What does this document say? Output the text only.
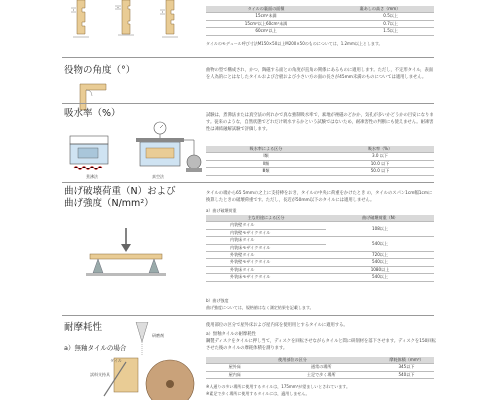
タイルの裏面の面積	裏あしの高さ（mm）
15cm²未満	0.5以上
15cm²以上60cm²未満	0.7以上
60cm²以上	1.5以上
タイルのモデュール呼び寸法M150×50以上M200×50のものについては，1.2mm以上とします。
役物の角度（°）	曲物の型で構成され，かつ，陶磁する面との角度が直角の関係にあるものに適用します。ただし，不定形タイル，表面を人為的にとはなしたタイルおよび合板および小さい方の面の長さが45mm未満のものについては適用しません。
吸水率（%）
煮沸法	真空法
試験は，煮沸法または真空法の何れかで真な強制吸水率で，素地が複磁のどかか，気孔が多いかどうかの目安になります。従来のような，自然状態でどれだけ吸水するかという試験ではないため，耐凍害性の判断にも使えません。耐凍害性は凍結融解試験で評価します。
吸水率による区分	吸水率（%）
Ⅰ類	3.0 以下
Ⅱ類	10.0 以下
Ⅲ類	50.0 以下
曲げ破壊荷重（N）および
曲げ強度（N/mm²）
タイルの端から65 5mmの之上に支持棒をおき，タイルの中央に荷重をかけたとき の，タイルのスパン1cm幅1cmに換算したときの破壊荷重です。ただし，長辺が50mm以下のタイルには適用しません。
a）曲げ破壊荷重
主な用途による区分	曲げ破壊荷重（N）
内装壁タイル	108以上
内装壁モザイクタイル	
内装床タイル	540以上
内装床モザイクタイル	
外装壁タイル	720以上
外装壁モザイクタイル	540以上
外装床タイル	1080以上
外装床モザイクタイル	540以上
b）曲げ強度
曲げ強度については，規格値はなく測定結果を記載します。
耐摩耗性
a）無釉タイルの場合
研磨剤
タイル
試料支持具
使用部位の区分で屋外床および屋内床を使用用とするタイルに適用する。
a）無釉タイルの耐摩耗性
鋼製ディスクをタイルに押し当て，ディスクを回転させながらタイルと間に研削材を落下させます。ディスクを150回転させた後のタイルの摩耗体積を測ります。
使用部位の区分		摩耗体積（mm³）
屋外床	通常の場所	345以下
屋内床	土足で歩く場所	540以下
※人通りの多い場所に使用するタイルは，175mm³が望ましいとされています。
※素足で歩く場所に使用するタイルには，適用しません。
